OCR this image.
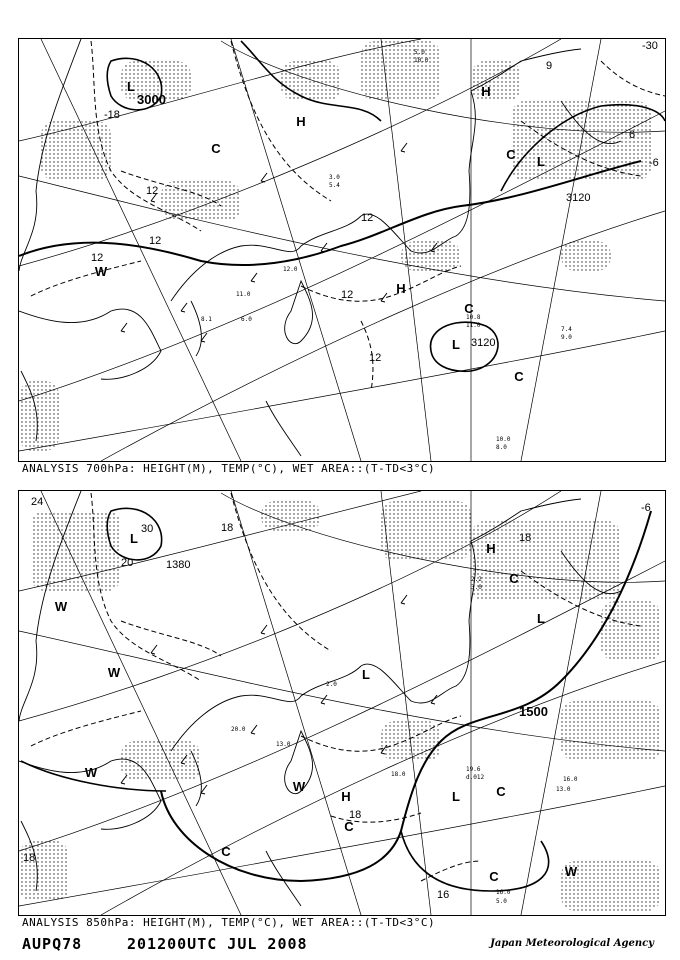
L
H
H
C	C L
W
H
C
L
C
3000
3120
3120
12
12
12
12
12
12
-18
-6
6
-30
9
5.0
10.0
3.0
5.4
10.8
11.0
7.4
9.0
10.0
8.0
12.0
11.0
6.0
8.1
ANALYSIS 700hPa: HEIGHT(M), TEMP(°C), WET AREA::(T-TD<3°C)
L
W
H
C
L
W	L
W
W
H
C
L	C
C
C	W
1500
1380
24
18
20
-6
18
18
16
18
30
2.2
3.0
19.6
d.012	16.0
13.0
16.0
5.0
2.0
18.0
13.0
20.0
ANALYSIS 850hPa: HEIGHT(M), TEMP(°C), WET AREA::(T-TD<3°C)
AUPQ78	201200UTC JUL 2008	Japan Meteorological Agency
